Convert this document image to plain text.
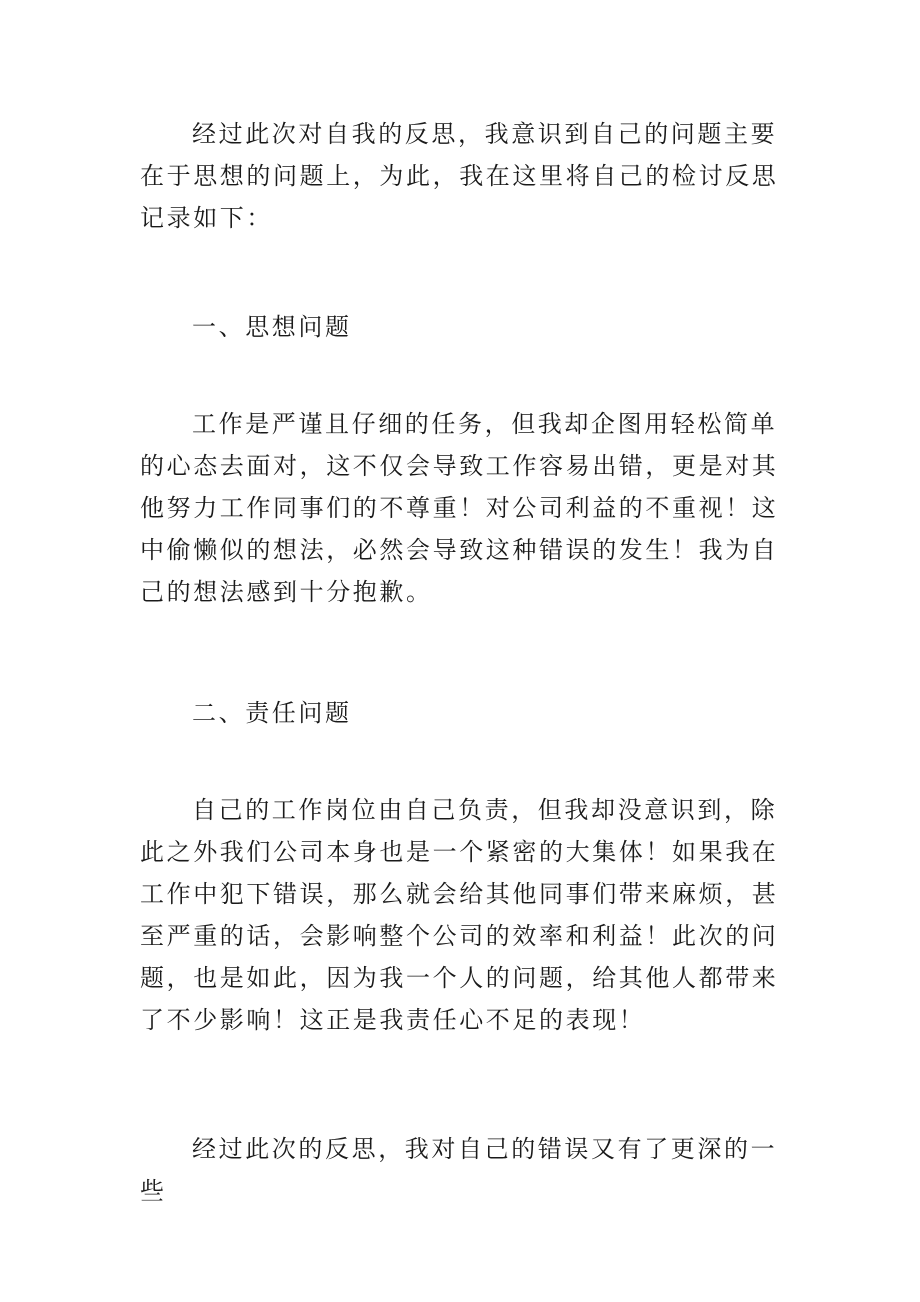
经过此次对自我的反思，我意识到自己的问题主要在于思想的问题上，为此，我在这里将自己的检讨反思记录如下：

一、思想问题

工作是严谨且仔细的任务，但我却企图用轻松简单的心态去面对，这不仅会导致工作容易出错，更是对其他努力工作同事们的不尊重！对公司利益的不重视！这中偷懒似的想法，必然会导致这种错误的发生！我为自己的想法感到十分抱歉。

二、责任问题

自己的工作岗位由自己负责，但我却没意识到，除此之外我们公司本身也是一个紧密的大集体！如果我在工作中犯下错误，那么就会给其他同事们带来麻烦，甚至严重的话，会影响整个公司的效率和利益！此次的问题，也是如此，因为我一个人的问题，给其他人都带来了不少影响！这正是我责任心不足的表现！

经过此次的反思，我对自己的错误又有了更深的一些
